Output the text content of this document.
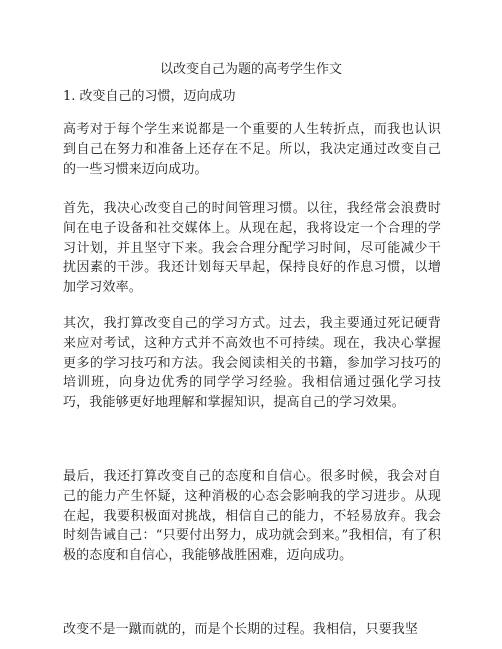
以改变自己为题的高考学生作文
1. 改变自己的习惯，迈向成功

高考对于每个学生来说都是一个重要的人生转折点，而我也认识到自己在努力和准备上还存在不足。所以，我决定通过改变自己的一些习惯来迈向成功。

首先，我决心改变自己的时间管理习惯。以往，我经常会浪费时间在电子设备和社交媒体上。从现在起，我将设定一个合理的学习计划，并且坚守下来。我会合理分配学习时间，尽可能减少干扰因素的干涉。我还计划每天早起，保持良好的作息习惯，以增加学习效率。

其次，我打算改变自己的学习方式。过去，我主要通过死记硬背来应对考试，这种方式并不高效也不可持续。现在，我决心掌握更多的学习技巧和方法。我会阅读相关的书籍，参加学习技巧的培训班，向身边优秀的同学学习经验。我相信通过强化学习技巧，我能够更好地理解和掌握知识，提高自己的学习效果。

最后，我还打算改变自己的态度和自信心。很多时候，我会对自己的能力产生怀疑，这种消极的心态会影响我的学习进步。从现在起，我要积极面对挑战，相信自己的能力，不轻易放弃。我会时刻告诫自己：“只要付出努力，成功就会到来。”我相信，有了积极的态度和自信心，我能够战胜困难，迈向成功。

改变不是一蹴而就的，而是个长期的过程。我相信，只要我坚
